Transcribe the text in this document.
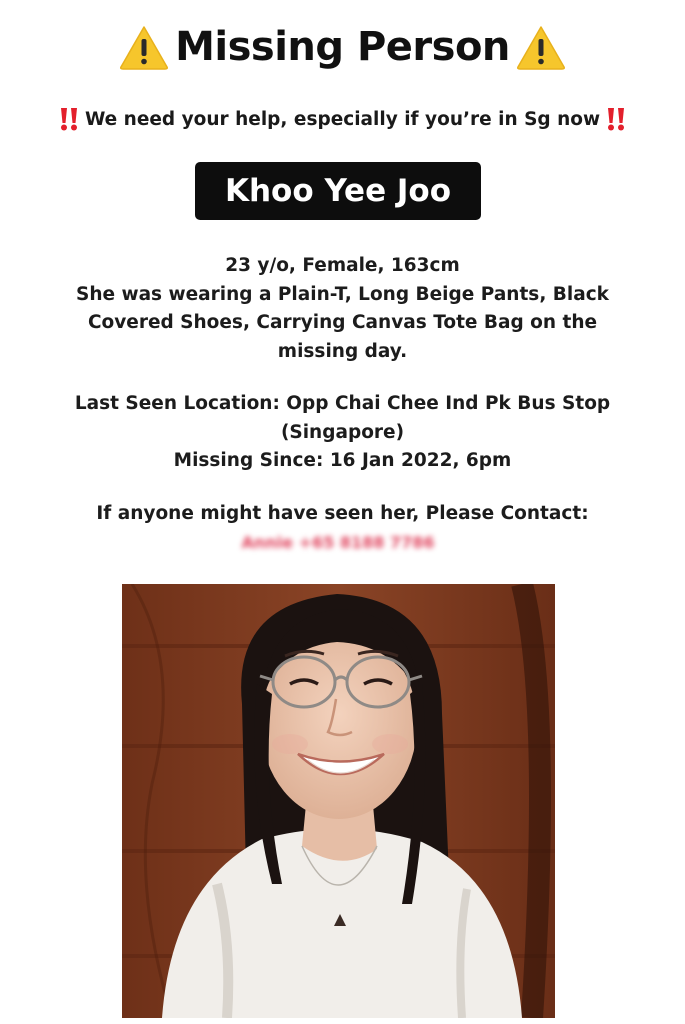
Missing Person
We need your help, especially if you’re in Sg now
Khoo Yee Joo

23 y/o, Female, 163cm

She was wearing a Plain-T, Long Beige Pants, Black

Covered Shoes, Carrying Canvas Tote Bag on the

missing day.

Last Seen Location: Opp Chai Chee Ind Pk Bus Stop

(Singapore)

Missing Since: 16 Jan 2022, 6pm

If anyone might have seen her, Please Contact:

Annie +65 8188 7786
